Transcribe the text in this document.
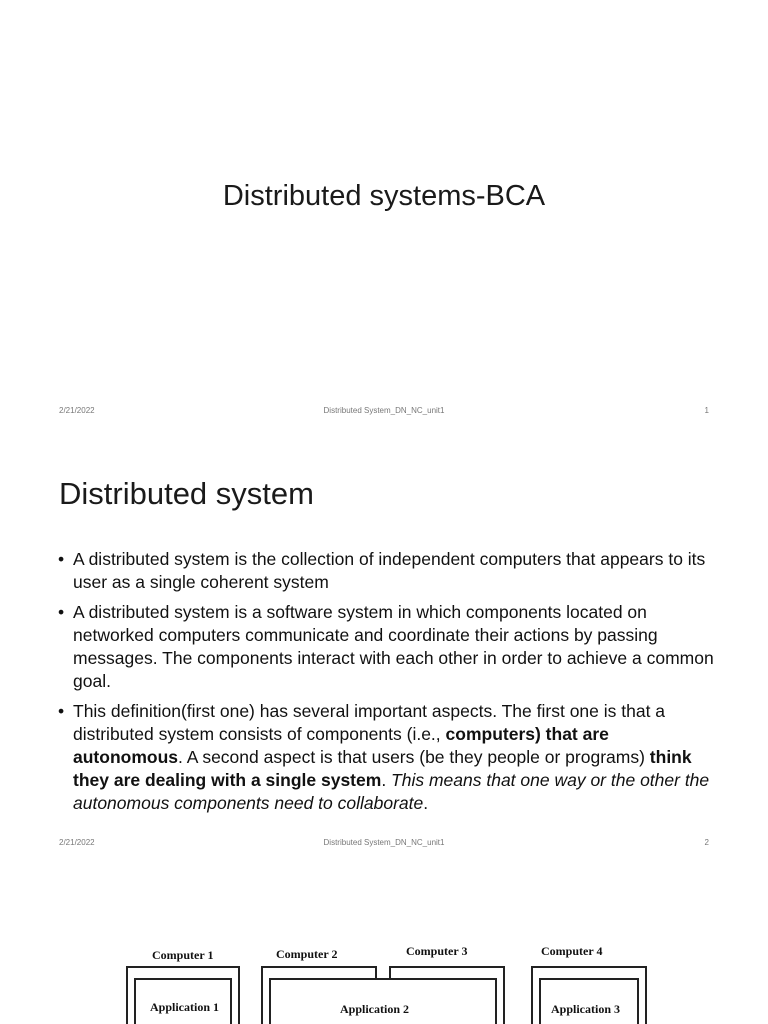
Distributed systems-BCA
2/21/2022	Distributed System_DN_NC_unit1	1
Distributed system
• A distributed system is the collection of independent computers that appears to its user as a single coherent system
• A distributed system is a software system in which components located on networked computers communicate and coordinate their actions by passing messages. The components interact with each other in order to achieve a common goal.
• This definition(first one) has several important aspects. The first one is that a distributed system consists of components (i.e., computers) that are autonomous. A second aspect is that users (be they people or programs) think they are dealing with a single system. This means that one way or the other the autonomous components need to collaborate.
2/21/2022	Distributed System_DN_NC_unit1	2
Computer 1	Computer 2	Computer 3	Computer 4
Application 1	Application 2	Application 3
